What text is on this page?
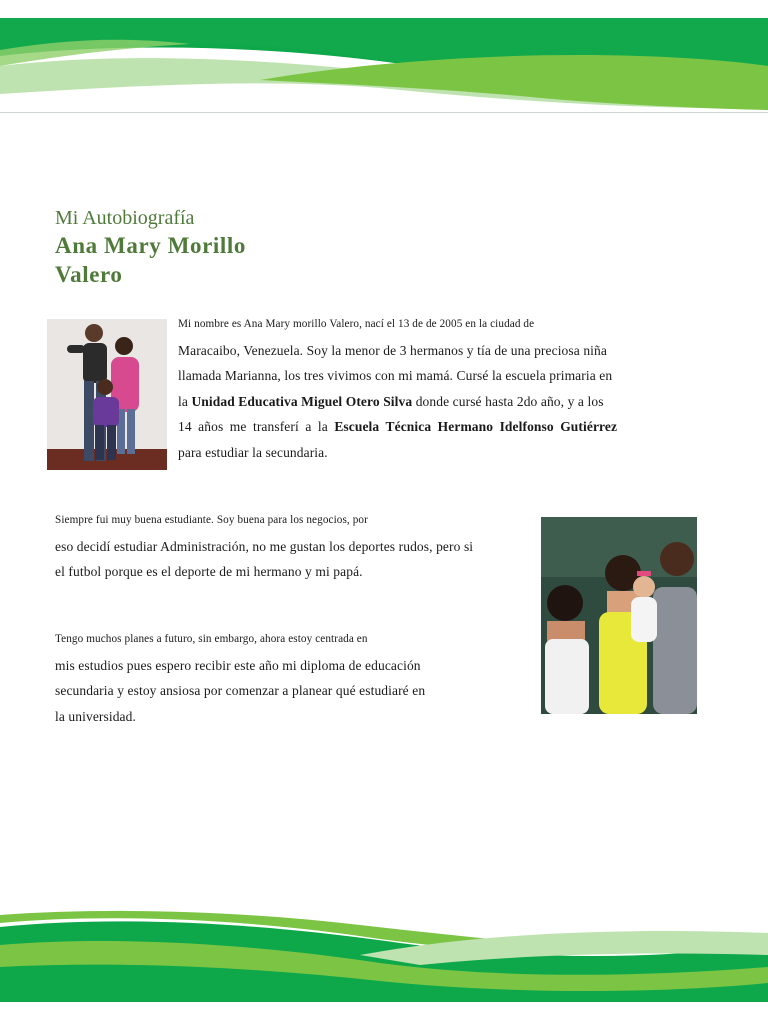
Mi Autobiografía
Ana Mary Morillo
Valero
Mi nombre es Ana Mary morillo Valero, nací el 13 de de 2005 en la ciudad de
Maracaibo, Venezuela. Soy la menor de 3 hermanos y tía de una preciosa niña
llamada Marianna, los tres vivimos con mi mamá. Cursé la escuela primaria en
la Unidad Educativa Miguel Otero Silva donde cursé hasta 2do año, y a los
14 años me transferí a la Escuela Técnica Hermano Idelfonso Gutiérrez
para estudiar la secundaria.
Siempre fui muy buena estudiante. Soy buena para los negocios, por
eso decidí estudiar Administración, no me gustan los deportes rudos, pero si
el futbol porque es el deporte de mi hermano y mi papá.
Tengo muchos planes a futuro, sin embargo, ahora estoy centrada en
mis estudios pues espero recibir este año mi diploma de educación
secundaria y estoy ansiosa por comenzar a planear qué estudiaré en
la universidad.
